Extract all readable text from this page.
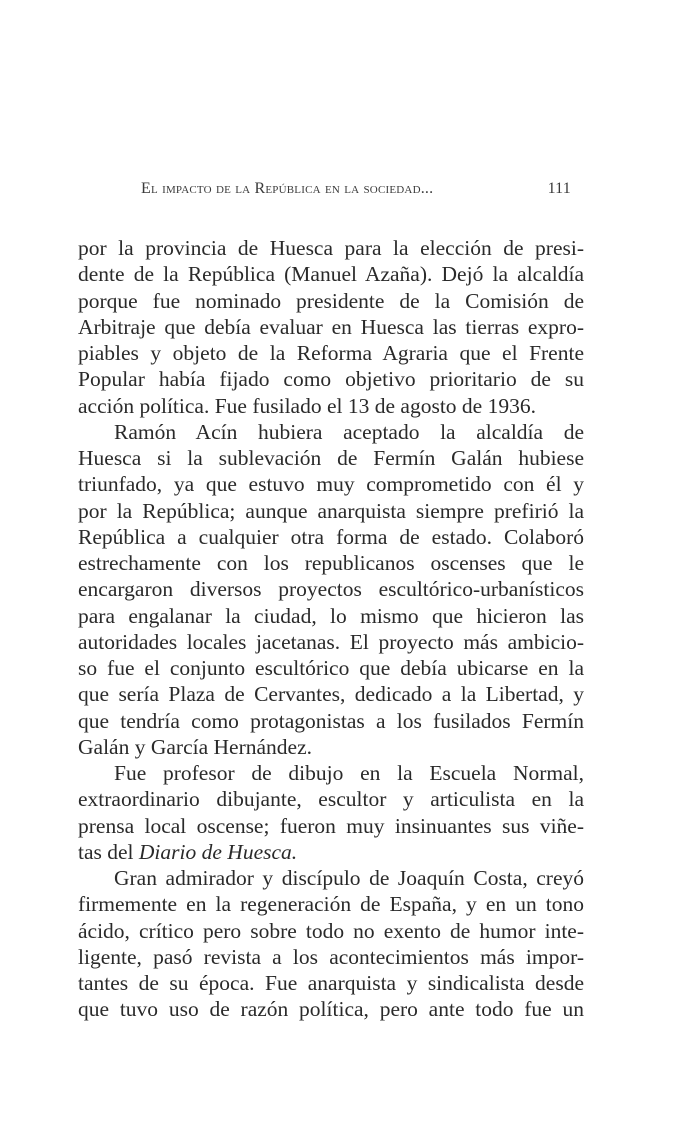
El impacto de la República en la sociedad...	111

por la provincia de Huesca para la elección de presi-
dente de la República (Manuel Azaña). Dejó la alcaldía
porque fue nominado presidente de la Comisión de
Arbitraje que debía evaluar en Huesca las tierras expro-
piables y objeto de la Reforma Agraria que el Frente
Popular había fijado como objetivo prioritario de su
acción política. Fue fusilado el 13 de agosto de 1936.

Ramón Acín hubiera aceptado la alcaldía de
Huesca si la sublevación de Fermín Galán hubiese
triunfado, ya que estuvo muy comprometido con él y
por la República; aunque anarquista siempre prefirió la
República a cualquier otra forma de estado. Colaboró
estrechamente con los republicanos oscenses que le
encargaron diversos proyectos escultórico-urbanísticos
para engalanar la ciudad, lo mismo que hicieron las
autoridades locales jacetanas. El proyecto más ambicio-
so fue el conjunto escultórico que debía ubicarse en la
que sería Plaza de Cervantes, dedicado a la Libertad, y
que tendría como protagonistas a los fusilados Fermín
Galán y García Hernández.

Fue profesor de dibujo en la Escuela Normal,
extraordinario dibujante, escultor y articulista en la
prensa local oscense; fueron muy insinuantes sus viñe-
tas del Diario de Huesca.

Gran admirador y discípulo de Joaquín Costa, creyó
firmemente en la regeneración de España, y en un tono
ácido, crítico pero sobre todo no exento de humor inte-
ligente, pasó revista a los acontecimientos más impor-
tantes de su época. Fue anarquista y sindicalista desde
que tuvo uso de razón política, pero ante todo fue un
